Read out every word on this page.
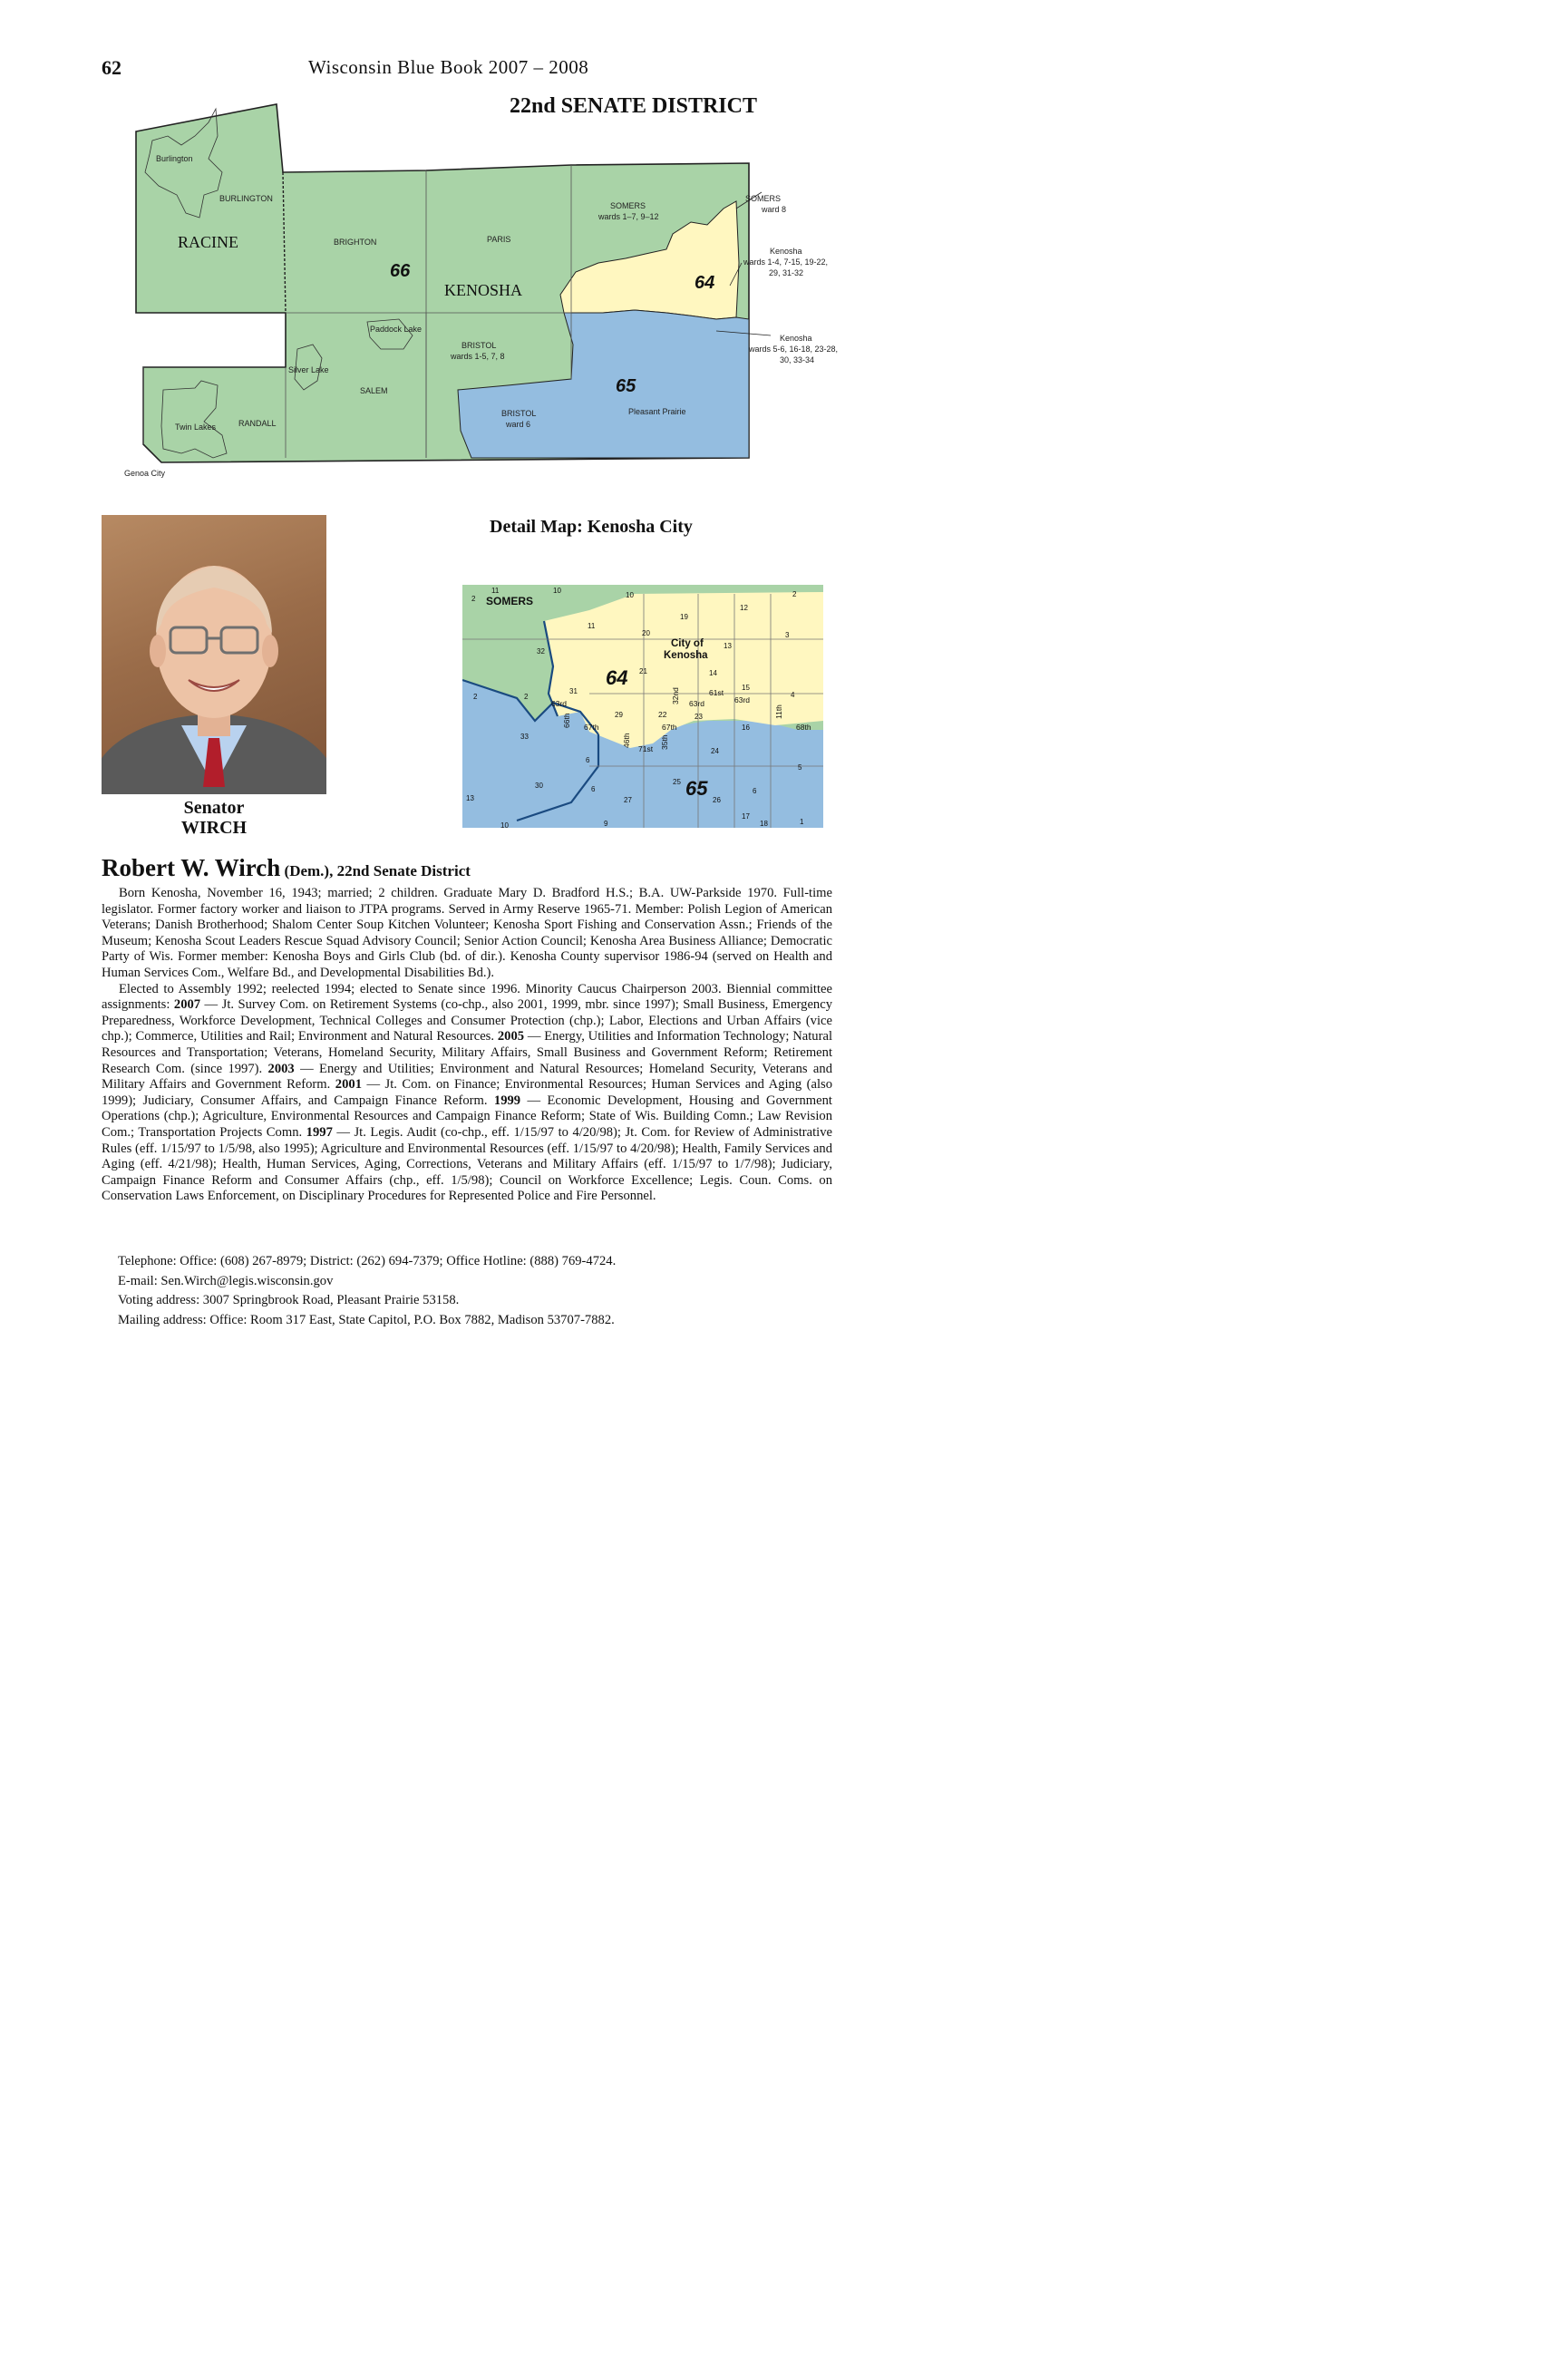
62	Wisconsin Blue Book 2007 – 2008
22nd SENATE DISTRICT
Burlington
BURLINGTON
RACINE	BRIGHTON	PARIS
66
KENOSHA
SOMERS
wards 1–7, 9–12
SOMERS
ward 8
Kenosha
wards 1-4, 7-15, 19-22,
29, 31-32
64
Kenosha
wards 5-6, 16-18, 23-28,
30, 33-34
Paddock Lake
BRISTOL
wards 1-5, 7, 8
Silver Lake
SALEM	65
BRISTOL
ward 6
Pleasant Prairie
Twin Lakes	RANDALL
Genoa City
Senator
WIRCH
Detail Map: Kenosha City
11	10
10
2
2
19
12
20
13
3
11
32
21	14
2
31	15
4
29
2
23
16
33
24
6
5
30	6
25
13	27	26
6
10
17
1
18
9
63rd
66th 67th
46th
71st 35th
32nd
22
67th
63rd
61st
63rd
11th
68th
SOMERS
City of
Kenosha
64
65
Robert W. Wirch (Dem.), 22nd Senate District

Born Kenosha, November 16, 1943; married; 2 children. Graduate Mary D. Bradford H.S.; B.A. UW-Parkside 1970. Full-time legislator. Former factory worker and liaison to JTPA programs. Served in Army Reserve 1965-71. Member: Polish Legion of American Veterans; Danish Brotherhood; Shalom Center Soup Kitchen Volunteer; Kenosha Sport Fishing and Conservation Assn.; Friends of the Museum; Kenosha Scout Leaders Rescue Squad Advisory Council; Senior Action Council; Kenosha Area Business Alliance; Democratic Party of Wis. Former member: Kenosha Boys and Girls Club (bd. of dir.). Kenosha County supervisor 1986-94 (served on Health and Human Services Com., Welfare Bd., and Developmental Disabilities Bd.).

Elected to Assembly 1992; reelected 1994; elected to Senate since 1996. Minority Caucus Chairperson 2003. Biennial committee assignments: 2007 — Jt. Survey Com. on Retirement Systems (co-chp., also 2001, 1999, mbr. since 1997); Small Business, Emergency Preparedness, Workforce Development, Technical Colleges and Consumer Protection (chp.); Labor, Elections and Urban Affairs (vice chp.); Commerce, Utilities and Rail; Environment and Natural Resources. 2005 — Energy, Utilities and Information Technology; Natural Resources and Transportation; Veterans, Homeland Security, Military Affairs, Small Business and Government Reform; Retirement Research Com. (since 1997). 2003 — Energy and Utilities; Environment and Natural Resources; Homeland Security, Veterans and Military Affairs and Government Reform. 2001 — Jt. Com. on Finance; Environmental Resources; Human Services and Aging (also 1999); Judiciary, Consumer Affairs, and Campaign Finance Reform. 1999 — Economic Development, Housing and Government Operations (chp.); Agriculture, Environmental Resources and Campaign Finance Reform; State of Wis. Building Comn.; Law Revision Com.; Transportation Projects Comn. 1997 — Jt. Legis. Audit (co-chp., eff. 1/15/97 to 4/20/98); Jt. Com. for Review of Administrative Rules (eff. 1/15/97 to 1/5/98, also 1995); Agriculture and Environmental Resources (eff. 1/15/97 to 4/20/98); Health, Family Services and Aging (eff. 4/21/98); Health, Human Services, Aging, Corrections, Veterans and Military Affairs (eff. 1/15/97 to 1/7/98); Judiciary, Campaign Finance Reform and Consumer Affairs (chp., eff. 1/5/98); Council on Workforce Excellence; Legis. Coun. Coms. on Conservation Laws Enforcement, on Disciplinary Procedures for Represented Police and Fire Personnel.

Telephone: Office: (608) 267-8979; District: (262) 694-7379; Office Hotline: (888) 769-4724.
E-mail: Sen.Wirch@legis.wisconsin.gov
Voting address: 3007 Springbrook Road, Pleasant Prairie 53158.
Mailing address: Office: Room 317 East, State Capitol, P.O. Box 7882, Madison 53707-7882.
